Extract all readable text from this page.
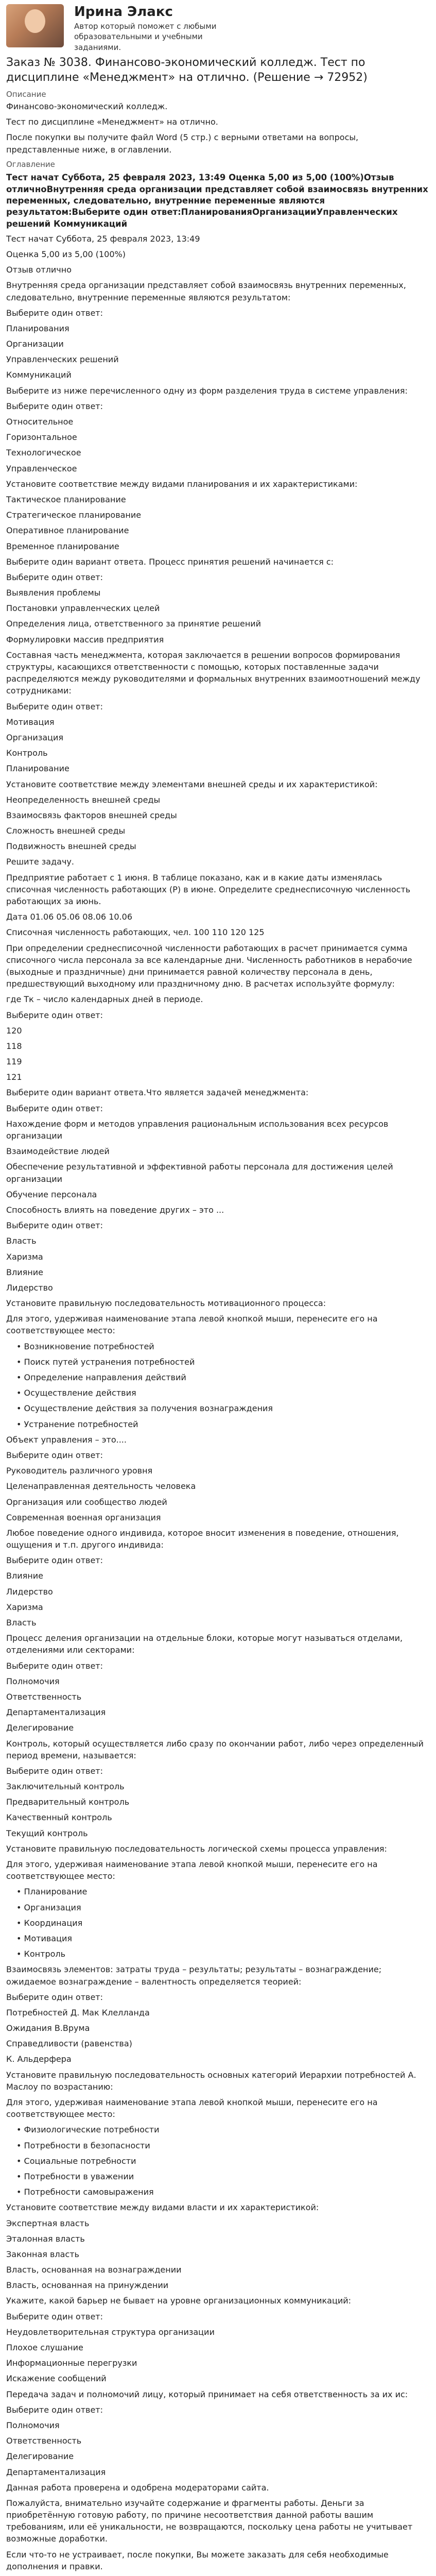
Ирина Элакс
Автор который поможет с любыми образовательными и учебными заданиями.
Заказ № 3038. Финансово-экономический колледж. Тест по дисциплине «Менеджмент» на отлично. (Решение → 72952)

Описание

Финансово-экономический колледж.

Тест по дисциплине «Менеджмент» на отлично.

После покупки вы получите файл Word (5 стр.) с верными ответами на вопросы, представленные ниже, в оглавлении.

Оглавление

Тест начат Суббота, 25 февраля 2023, 13:49 Оценка 5,00 из 5,00 (100%)Отзыв отличноВнутренняя среда организации представляет собой взаимосвязь внутренних переменных, следовательно, внутренние переменные являются результатом:Выберите один ответ:ПланированияОрганизацииУправленческих решений Коммуникаций

Тест начат Суббота, 25 февраля 2023, 13:49

Оценка 5,00 из 5,00 (100%)

Отзыв отлично

Внутренняя среда организации представляет собой взаимосвязь внутренних переменных, следовательно, внутренние переменные являются результатом:

Выберите один ответ:

Планирования

Организации

Управленческих решений

Коммуникаций

Выберите из ниже перечисленного одну из форм разделения труда в системе управления:

Выберите один ответ:

Относительное

Горизонтальное

Технологическое

Управленческое

Установите соответствие между видами планирования и их характеристиками:

Тактическое планирование

Стратегическое планирование

Оперативное планирование

Временное планирование

Выберите один вариант ответа. Процесс принятия решений начинается с:

Выберите один ответ:

Выявления проблемы

Постановки управленческих целей

Определения лица, ответственного за принятие решений

Формулировки массив предприятия

Составная часть менеджмента, которая заключается в решении вопросов формирования структуры, касающихся ответственности с помощью, которых поставленные задачи распределяются между руководителями и формальных внутренних взаимоотношений между сотрудниками:

Выберите один ответ:

Мотивация

Организация

Контроль

Планирование

Установите соответствие между элементами внешней среды и их характеристикой:

Неопределенность внешней среды

Взаимосвязь факторов внешней среды

Сложность внешней среды

Подвижность внешней среды

Решите задачу.

Предприятие работает с 1 июня. В таблице показано, как и в какие даты изменялась списочная численность работающих (Р) в июне. Определите среднесписочную численность работающих за июнь.

Дата 01.06 05.06 08.06 10.06

Списочная численность работающих, чел. 100 110 120 125

При определении среднесписочной численности работающих в расчет принимается сумма списочного числа персонала за все календарные дни. Численность работников в нерабочие (выходные и праздничные) дни принимается равной количеству персонала в день, предшествующий выходному или праздничному дню. В расчетах используйте формулу:

где Тк – число календарных дней в периоде.

Выберите один ответ:

120

118

119

121

Выберите один вариант ответа.Что является задачей менеджмента:

Выберите один ответ:

Нахождение форм и методов управления рациональным использования всех ресурсов организации

Взаимодействие людей

Обеспечение результативной и эффективной работы персонала для достижения целей организации

Обучение персонала

Способность влиять на поведение других – это ...

Выберите один ответ:

Власть

Харизма

Влияние

Лидерство

Установите правильную последовательность мотивационного процесса:

Для этого, удерживая наименование этапа левой кнопкой мыши, перенесите его на соответствующее место:

• Возникновение потребностей
• Поиск путей устранения потребностей
• Определение направления действий
• Осуществление действия
• Осуществление действия за получения вознаграждения
• Устранение потребностей

Объект управления – это....

Выберите один ответ:

Руководитель различного уровня

Целенаправленная деятельность человека

Организация или сообщество людей

Современная военная организация

Любое поведение одного индивида, которое вносит изменения в поведение, отношения, ощущения и т.п. другого индивида:

Выберите один ответ:

Влияние

Лидерство

Харизма

Власть

Процесс деления организации на отдельные блоки, которые могут называться отделами, отделениями или секторами:

Выберите один ответ:

Полномочия

Ответственность

Департаментализация

Делегирование

Контроль, который осуществляется либо сразу по окончании работ, либо через определенный период времени, называется:

Выберите один ответ:

Заключительный контроль

Предварительный контроль

Качественный контроль

Текущий контроль

Установите правильную последовательность логической схемы процесса управления:

Для этого, удерживая наименование этапа левой кнопкой мыши, перенесите его на соответствующее место:

• Планирование
• Организация
• Координация
• Мотивация
• Контроль

Взаимосвязь элементов: затраты труда – результаты; результаты – вознаграждение; ожидаемое вознаграждение – валентность определяется теорией:

Выберите один ответ:

Потребностей Д. Мак Клелланда

Ожидания В.Врума

Справедливости (равенства)

К. Альдерфера

Установите правильную последовательность основных категорий Иерархии потребностей А. Маслоу по возрастанию:

Для этого, удерживая наименование этапа левой кнопкой мыши, перенесите его на соответствующее место:

• Физиологические потребности
• Потребности в безопасности
• Социальные потребности
• Потребности в уважении
• Потребности самовыражения

Установите соответствие между видами власти и их характеристикой:

Экспертная власть

Эталонная власть

Законная власть

Власть, основанная на вознаграждении

Власть, основанная на принуждении

Укажите, какой барьер не бывает на уровне организационных коммуникаций:

Выберите один ответ:

Неудовлетворительная структура организации

Плохое слушание

Информационные перегрузки

Искажение сообщений

Передача задач и полномочий лицу, который принимает на себя ответственность за их ис:

Выберите один ответ:

Полномочия

Ответственность

Делегирование

Департаментализация

Данная работа проверена и одобрена модераторами сайта.

Пожалуйста, внимательно изучайте содержание и фрагменты работы. Деньги за приобретённую готовую работу, по причине несоответствия данной работы вашим требованиям, или её уникальности, не возвращаются, поскольку цена работы не учитывает возможные доработки.

Если что-то не устраивает, после покупки, Вы можете заказать для себя необходимые дополнения и правки.
